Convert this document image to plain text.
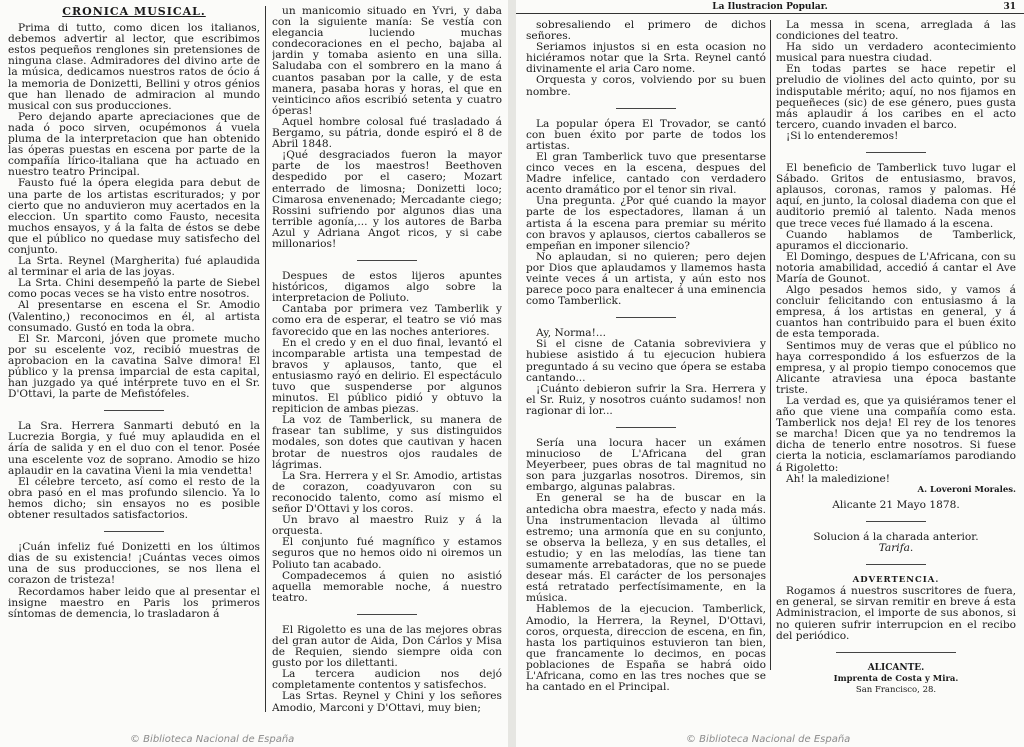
CRÓNICA MUSICAL.

Prima di tutto, como dicen los italianos, debemos advertir al lector, que escribimos estos pequeños renglones sin pretensiones de ninguna clase. Admiradores del divino arte de la música, dedicamos nuestros ratos de ócio á la memoria de Donizetti, Bellini y otros génios que han llenado de admiracion al mundo musical con sus producciones.

Pero dejando aparte apreciaciones que de nada ó poco sirven, ocupémonos á vuela pluma de la interpretacion que han obtenido las óperas puestas en escena por parte de la compañía lírico-italiana que ha actuado en nuestro teatro Principal.

Fausto fué la ópera elegida para debut de una parte de los artistas escriturados; y por cierto que no anduvieron muy acertados en la eleccion. Un spartito como Fausto, necesita muchos ensayos, y á la falta de éstos se debe que el público no quedase muy satisfecho del conjunto.

La Srta. Reynel (Margherita) fué aplaudida al terminar el aria de las joyas.

La Srta. Chini desempeñó la parte de Siebel como pocas veces se ha visto entre nosotros.

Al presentarse en escena el Sr. Amodio (Valentino,) reconocimos en él, al artista consumado. Gustó en toda la obra.

El Sr. Marconi, jóven que promete mucho por su escelente voz, recibió muestras de aprobacion en la cavatina Salve dimora! El público y la prensa imparcial de esta capital, han juzgado ya qué intérprete tuvo en el Sr. D'Ottavi, la parte de Mefistófeles.

La Sra. Herrera Sanmarti debutó en la Lucrezia Borgia, y fué muy aplaudida en el áría de salida y en el duo con el tenor. Posée una escelente voz de soprano. Amodio se hizo aplaudir en la cavatina Vieni la mia vendetta!

El célebre terceto, así como el resto de la obra pasó en el mas profundo silencio. Ya lo hemos dicho; sin ensayos no es posible obtener resultados satisfactorios.

¡Cuán infeliz fué Donizetti en los últimos dias de su existencia! ¡Cuántas veces oimos una de sus producciones, se nos llena el corazon de tristeza!

Recordamos haber leido que al presentar el insigne maestro en Paris los primeros síntomas de demencia, lo trasladaron á

un manicomio situado en Yvri, y daba con la siguiente manía: Se vestía con elegancia luciendo muchas condecoraciones en el pecho, bajaba al jardin y tomaba asiento en una silla. Saludaba con el sombrero en la mano á cuantos pasaban por la calle, y de esta manera, pasaba horas y horas, el que en veinticinco años escribió setenta y cuatro óperas!

Aquel hombre colosal fué trasladado á Bergamo, su pátria, donde espiró el 8 de Abril 1848.

¡Qué desgraciados fueron la mayor parte de los maestros! Beethoven despedido por el casero; Mozart enterrado de limosna; Donizetti loco; Cimarosa envenenado; Mercadante ciego; Rossini sufriendo por algunos dias una terrible agonía,... y los autores de Barba Azul y Adriana Angot ricos, y si cabe millonarios!

Despues de estos lijeros apuntes históricos, digamos algo sobre la interpretacion de Poliuto.

Cantaba por primera vez Tamberlik y como era de esperar, el teatro se vió mas favorecido que en las noches anteriores.

En el credo y en el duo final, levantó el incomparable artista una tempestad de bravos y aplausos, tanto, que el entusiasmo rayó en delirio. El espectáculo tuvo que suspenderse por algunos minutos. El público pidió y obtuvo la repiticion de ambas piezas.

La voz de Tamberlick, su manera de frasear tan sublime, y sus distinguidos modales, son dotes que cautivan y hacen brotar de nuestros ojos raudales de lágrimas.

La Sra. Herrera y el Sr. Amodio, artistas de corazon, coadyuvaron con su reconocido talento, como así mismo el señor D'Ottavi y los coros.

Un bravo al maestro Ruiz y á la orquesta.

El conjunto fué magnífico y estamos seguros que no hemos oido ni oiremos un Poliuto tan acabado.

Compadecemos á quien no asistió aquella memorable noche, á nuestro teatro.

El Rigoletto es una de las mejores obras del gran autor de Aida, Don Cárlos y Misa de Requien, siendo siempre oida con gusto por los dilettanti.

La tercera audicion nos dejó completamente contentos y satisfechos.

Las Srtas. Reynel y Chini y los señores Amodio, Marconi y D'Ottavi, muy bien;

© Biblioteca Nacional de España
La Ilustracion Popular.	31

sobresaliendo el primero de dichos señores.

Seriamos injustos si en esta ocasion no hiciéramos notar que la Srta. Reynel cantó divinamente el aria Caro nome.

Orquesta y coros, volviendo por su buen nombre.

La popular ópera El Trovador, se cantó con buen éxito por parte de todos los artistas.

El gran Tamberlick tuvo que presentarse cinco veces en la escena, despues del Madre infelice, cantado con verdadero acento dramático por el tenor sin rival.

Una pregunta. ¿Por qué cuando la mayor parte de los espectadores, llaman á un artista á la escena para premiar su mérito con bravos y aplausos, ciertos caballeros se empeñan en imponer silencio?

No aplaudan, si no quieren; pero dejen por Dios que aplaudamos y llamemos hasta veinte veces á un artista, y aún esto nos parece poco para enaltecer á una eminencia como Tamberlick.

Ay, Norma!...

Si el cisne de Catania sobreviviera y hubiese asistido á tu ejecucion hubiera preguntado á su vecino que ópera se estaba cantando...

¡Cuánto debieron sufrir la Sra. Herrera y el Sr. Ruiz, y nosotros cuánto sudamos! non ragionar di lor...

Sería una locura hacer un exámen minucioso de L'Africana del gran Meyerbeer, pues obras de tal magnitud no son para juzgarlas nosotros. Diremos, sin embargo, algunas palabras.

En general se ha de buscar en la antedicha obra maestra, efecto y nada más. Una instrumentacion llevada al último estremo; una armonía que en su conjunto, se observa la belleza, y en sus detalles, el estudio; y en las melodías, las tiene tan sumamente arrebatadoras, que no se puede desear más. El carácter de los personajes está retratado perfectísimamente, en la música.

Hablemos de la ejecucion. Tamberlick, Amodio, la Herrera, la Reynel, D'Ottavi, coros, orquesta, direccion de escena, en fin, hasta los partiquinos estuvieron tan bien, que francamente lo decimos, en pocas poblaciones de España se habrá oido L'Africana, como en las tres noches que se ha cantado en el Principal.

La messa in scena, arreglada á las condiciones del teatro.

Ha sido un verdadero acontecimiento musical para nuestra ciudad.

En todas partes se hace repetir el preludio de violines del acto quinto, por su indisputable mérito; aquí, no nos fijamos en pequeñeces (sic) de ese género, pues gusta más aplaudir á los caribes en el acto tercero, cuando invaden el barco.

¡Si lo entenderemos!

El beneficio de Tamberlick tuvo lugar el Sábado. Gritos de entusiasmo, bravos, aplausos, coronas, ramos y palomas. Hé aquí, en junto, la colosal diadema con que el auditorio premió al talento. Nada menos que trece veces fué llamado á la escena.

Cuando hablamos de Tamberlick, apuramos el diccionario.

El Domingo, despues de L'Africana, con su notoria amabilidad, accedió á cantar el Ave María de Gounot.

Algo pesados hemos sido, y vamos á concluir felicitando con entusiasmo á la empresa, á los artistas en general, y á cuantos han contribuido para el buen éxito de esta temporada.

Sentimos muy de veras que el público no haya correspondido á los esfuerzos de la empresa, y al propio tiempo conocemos que Alicante atraviesa una época bastante triste.

La verdad es, que ya quisiéramos tener el año que viene una compañía como esta. Tamberlick nos deja! El rey de los tenores se marcha! Dicen que ya no tendremos la dicha de tenerlo entre nosotros. Si fuese cierta la noticia, esclamaríamos parodiando á Rigoletto:

Ah! la maledizione!

A. Loveroni Morales.

Alicante 21 Mayo 1878.

Solucion á la charada anterior.

Tarifa.

ADVERTENCIA.

Rogamos á nuestros suscritores de fuera, en general, se sirvan remitir en breve á esta Administracion, el importe de sus abonos, si no quieren sufrir interrupcion en el recibo del periódico.

ALICANTE.

Imprenta de Costa y Mira.

San Francisco, 28.

© Biblioteca Nacional de España
